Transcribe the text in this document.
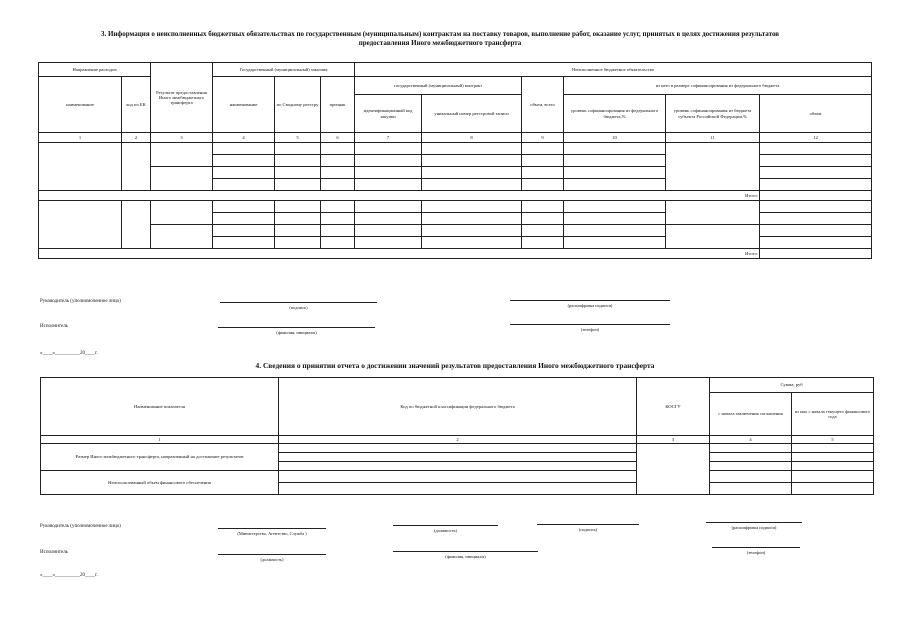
3. Информация о неисполненных бюджетных обязательствах по государственным (муниципальным) контрактам на поставку товаров, выполнение работ, оказание услуг, принятых в целях достижения результатов
предоставления Иного межбюджетного трансферта
Направление расходов		Результат предоставления Иного межбюджетного трансферта	Государственный (муниципальный) заказчик			Неисполненное бюджетное обязательство					
наименование	код по БК		наименование	по Сводному реестру	признак	государственный (муниципальный) контракт		объем, всего	из него в размере софинансирования из федерального бюджета		
						идентификационный код закупки	уникальный номер реестровой записи		уровень софинансирования из федерального бюджета,%	уровень софинансирования из бюджета субъекта Российской Федерации,%	объем
1	2	3	4	5	6	7	8	9	10	11	12

Итого:											

Итого:											
Руководитель (уполномоченное лицо)
(подпись)	(расшифровка подписи)
Исполнитель
(фамилия, инициалы)
(телефон)
«____»__________20____г.
4. Сведения о принятии отчета о достижении значений результатов предоставления Иного межбюджетного трансферта
Наименование показателя	Код по бюджетной классификации федерального бюджета	КОСГУ	Сумма, руб	
			с начала заключения соглашения	из них с начала текущего финансового года
1	2	3	4	5
Размер Иного межбюджетного трансферта, направленный на достижение результатов				

Неиспользованный объем финансового обеспечения				

Руководитель (уполномоченное лицо)
(Министерство, Агентство, Служба )
(должность)	(подпись)	(расшифровка подписи)
Исполнитель
(должность)
(фамилия, инициалы)
(телефон)
«____»__________20____г.
